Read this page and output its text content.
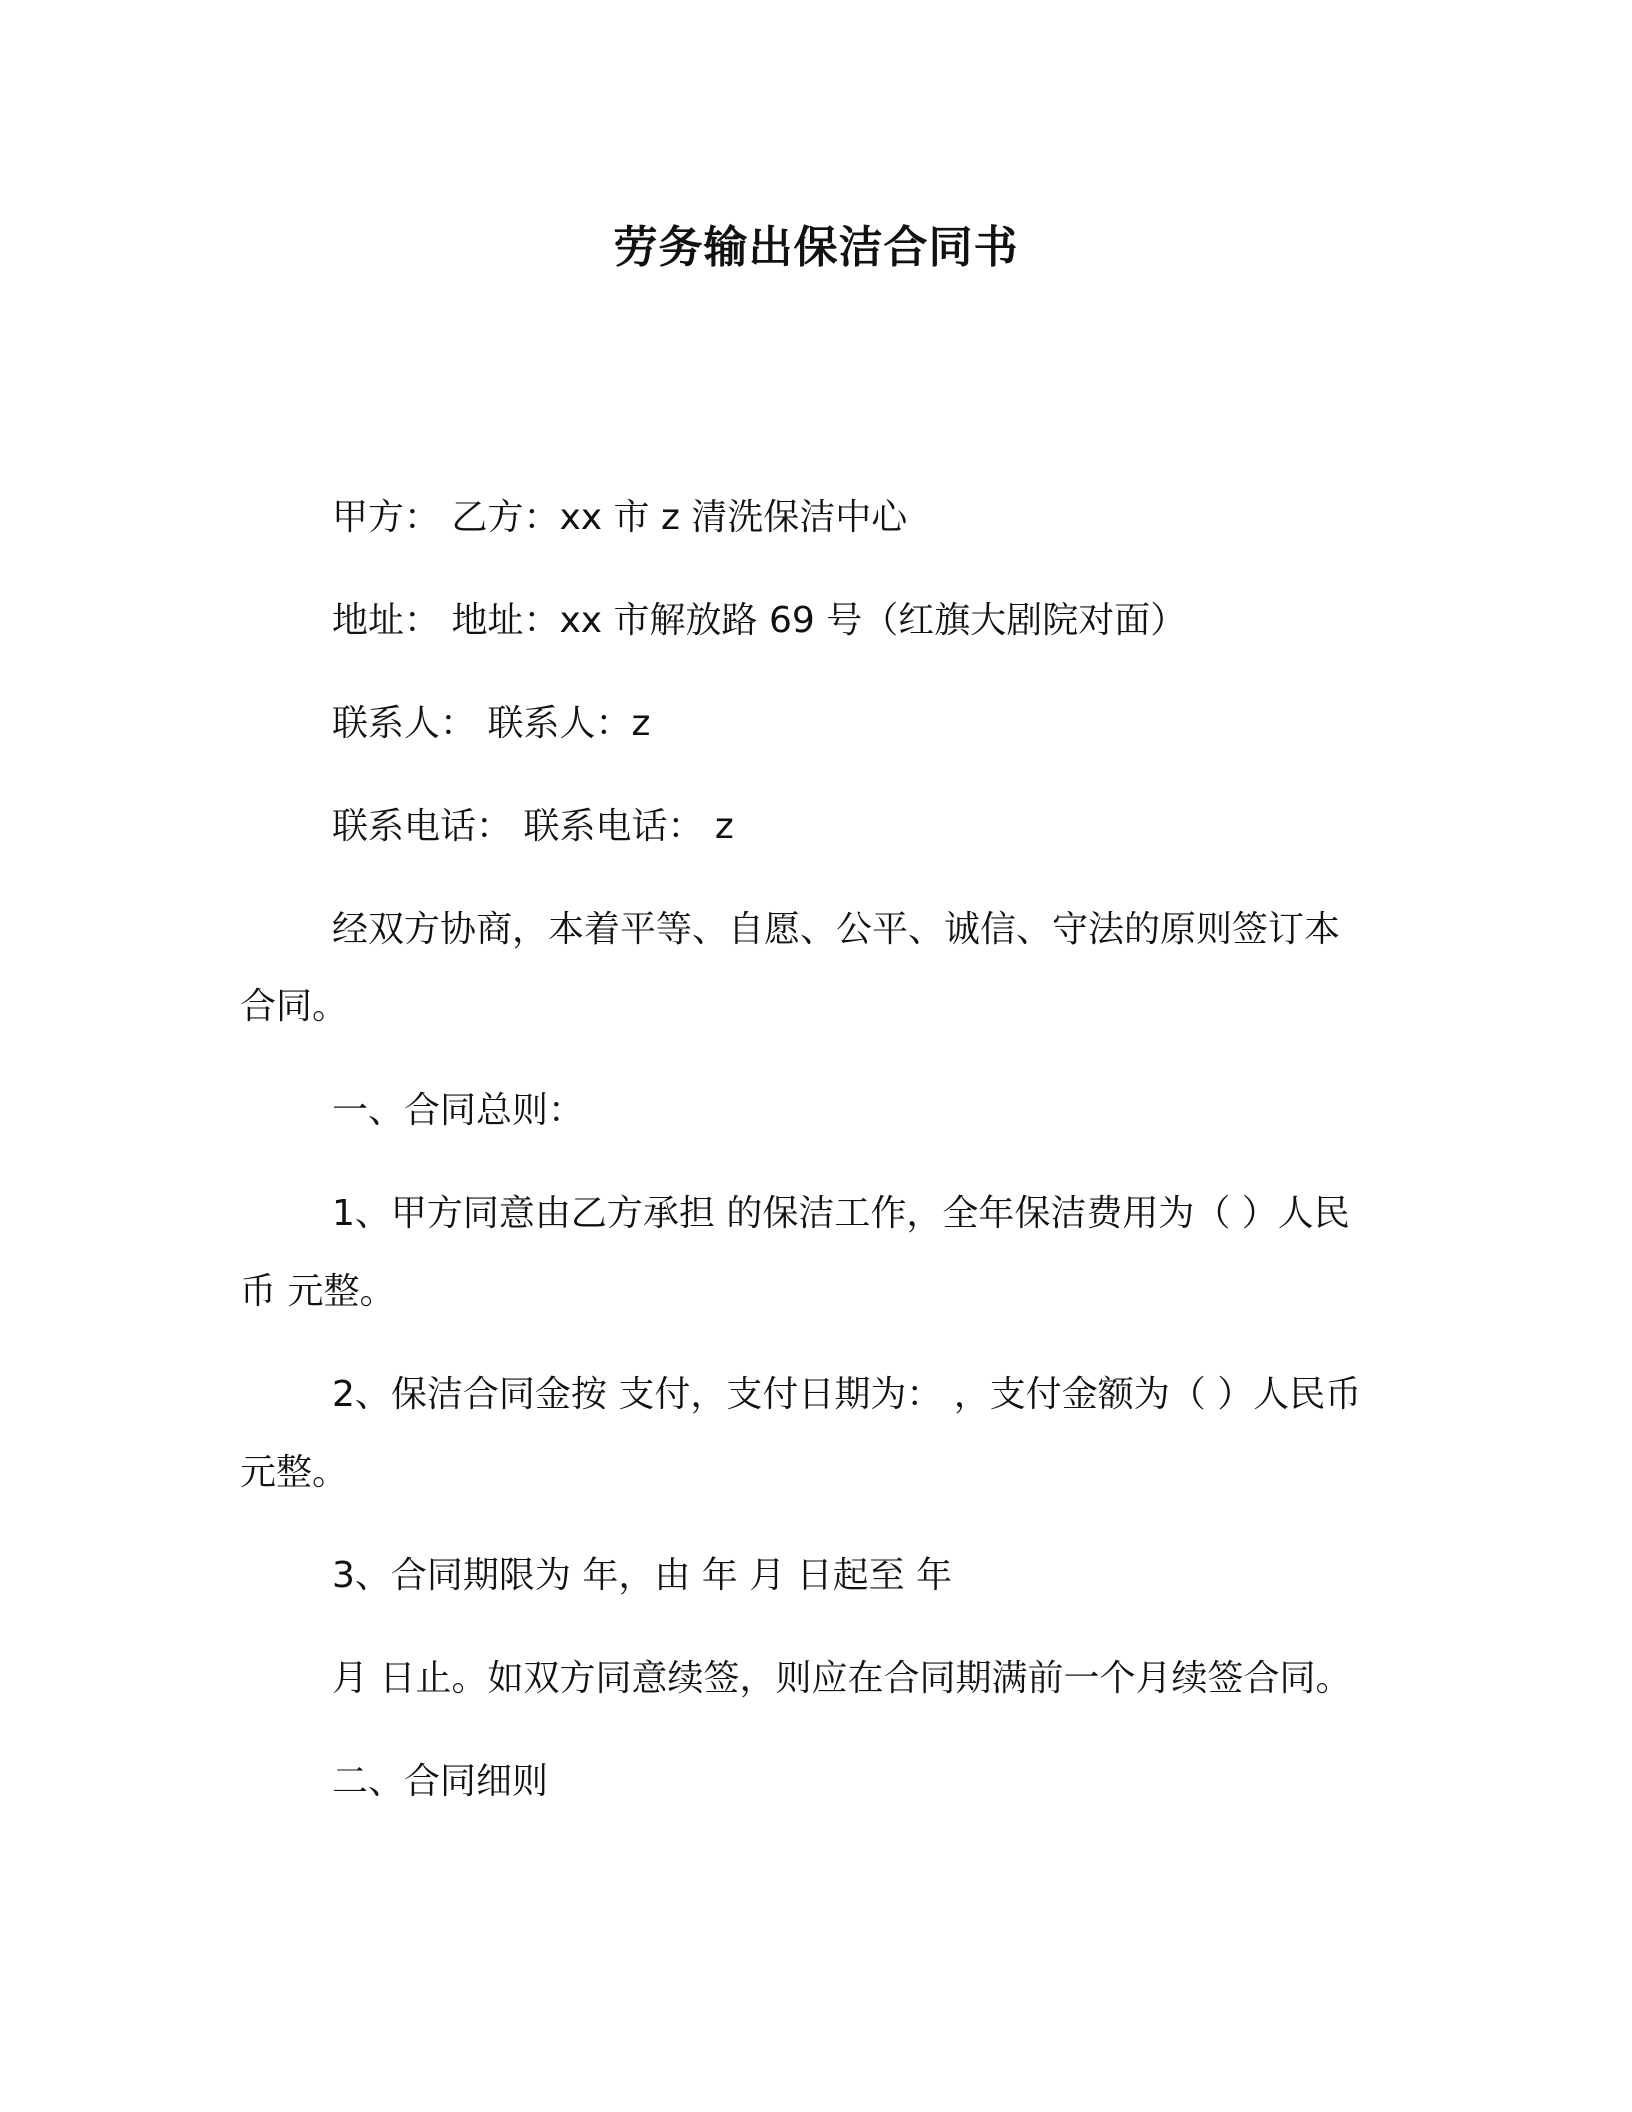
劳务输出保洁合同书
甲方： 乙方：xx 市 z 清洗保洁中心
地址： 地址：xx 市解放路 69 号（红旗大剧院对面）
联系人： 联系人：z
联系电话： 联系电话： z
经双方协商，本着平等、自愿、公平、诚信、守法的原则签订本
合同。
一、合同总则：
1、甲方同意由乙方承担 的保洁工作，全年保洁费用为（ ）人民
币 元整。
2、保洁合同金按 支付，支付日期为： ，支付金额为（ ）人民币
元整。
3、合同期限为 年，由 年 月 日起至 年
月 日止。如双方同意续签，则应在合同期满前一个月续签合同。
二、合同细则
